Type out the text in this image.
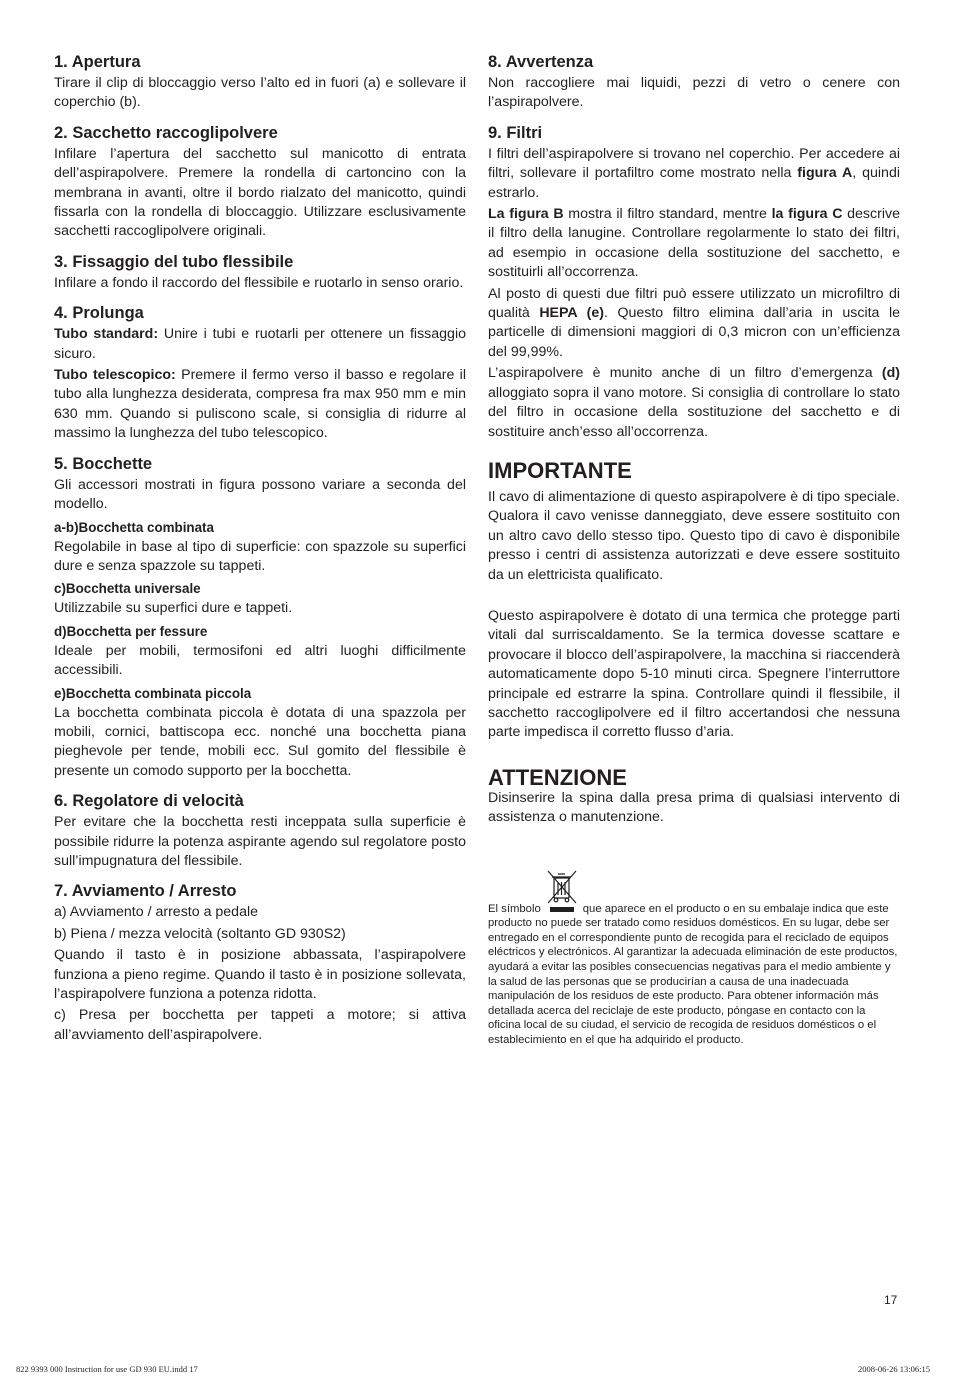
1. Apertura

Tirare il clip di bloccaggio verso l’alto ed in fuori (a) e sollevare il coperchio (b).

2. Sacchetto raccoglipolvere

Infilare l’apertura del sacchetto sul manicotto di entrata dell’aspirapolvere. Premere la rondella di cartoncino con la membrana in avanti, oltre il bordo rialzato del manicotto, quindi fissarla con la rondella di bloccaggio. Utilizzare esclusivamente sacchetti raccoglipolvere originali.

3. Fissaggio del tubo flessibile

Infilare a fondo il raccordo del flessibile e ruotarlo in senso orario.

4. Prolunga

Tubo standard: Unire i tubi e ruotarli per ottenere un fissaggio sicuro.

Tubo telescopico: Premere il fermo verso il basso e regolare il tubo alla lunghezza desiderata, compresa fra max 950 mm e min 630 mm. Quando si puliscono scale, si consiglia di ridurre al massimo la lunghezza del tubo telescopico.

5. Bocchette

Gli accessori mostrati in figura possono variare a seconda del modello.

a-b)Bocchetta combinata

Regolabile in base al tipo di superficie: con spazzole su superfici dure e senza spazzole su tappeti.

c)Bocchetta universale

Utilizzabile su superfici dure e tappeti.

d)Bocchetta per fessure

Ideale per mobili, termosifoni ed altri luoghi difficilmente accessibili.

e)Bocchetta combinata piccola

La bocchetta combinata piccola è dotata di una spazzola per mobili, cornici, battiscopa ecc. nonché una bocchetta piana pieghevole per tende, mobili ecc. Sul gomito del flessibile è presente un comodo supporto per la bocchetta.

6. Regolatore di velocità

Per evitare che la bocchetta resti inceppata sulla superficie è possibile ridurre la potenza aspirante agendo sul regolatore posto sull’impugnatura del flessibile.

7. Avviamento / Arresto

a) Avviamento / arresto a pedale

b) Piena / mezza velocità (soltanto GD 930S2)

Quando il tasto è in posizione abbassata, l’aspirapolvere funziona a pieno regime. Quando il tasto è in posizione sollevata, l’aspirapolvere funziona a potenza ridotta.

c) Presa per bocchetta per tappeti a motore; si attiva all’avviamento dell’aspirapolvere.

8. Avvertenza

Non raccogliere mai liquidi, pezzi di vetro o cenere con l’aspirapolvere.

9. Filtri

I filtri dell’aspirapolvere si trovano nel coperchio. Per accedere ai filtri, sollevare il portafiltro come mostrato nella figura A, quindi estrarlo.

La figura B mostra il filtro standard, mentre la figura C descrive il filtro della lanugine. Controllare regolarmente lo stato dei filtri, ad esempio in occasione della sostituzione del sacchetto, e sostituirli all’occorrenza.

Al posto di questi due filtri può essere utilizzato un microfiltro di qualità HEPA (e). Questo filtro elimina dall’aria in uscita le particelle di dimensioni maggiori di 0,3 micron con un’efficienza del 99,99%.

L’aspirapolvere è munito anche di un filtro d’emergenza (d) alloggiato sopra il vano motore. Si consiglia di controllare lo stato del filtro in occasione della sostituzione del sacchetto e di sostituire anch’esso all’occorrenza.

IMPORTANTE

Il cavo di alimentazione di questo aspirapolvere è di tipo speciale. Qualora il cavo venisse danneggiato, deve essere sostituito con un altro cavo dello stesso tipo. Questo tipo di cavo è disponibile presso i centri di assistenza autorizzati e deve essere sostituito da un elettricista qualificato.

Questo aspirapolvere è dotato di una termica che protegge parti vitali dal surriscaldamento. Se la termica dovesse scattare e provocare il blocco dell’aspirapolvere, la macchina si riaccenderà automaticamente dopo 5-10 minuti circa. Spegnere l’interruttore principale ed estrarre la spina. Controllare quindi il flessibile, il sacchetto raccoglipolvere ed il filtro accertandosi che nessuna parte impedisca il corretto flusso d’aria.

ATTENZIONE

Disinserire la spina dalla presa prima di qualsiasi intervento di assistenza o manutenzione.

El símbolo	que aparece en el producto o en su embalaje indica que este producto no puede ser tratado como residuos domésticos. En su lugar, debe ser entregado en el correspondiente punto de recogida para el reciclado de equipos eléctricos y electrónicos. Al garantizar la adecuada eliminación de este productos, ayudará a evitar las posibles consecuencias negativas para el medio ambiente y la salud de las personas que se producirían a causa de una inadecuada manipulación de los residuos de este producto. Para obtener información más detallada acerca del reciclaje de este producto, póngase en contacto con la oficina local de su ciudad, el servicio de recogida de residuos domésticos o el establecimiento en el que ha adquirido el producto.

17
822 9393 000 Instruction for use GD 930 EU.indd 17	2008-06-26 13:06:15
